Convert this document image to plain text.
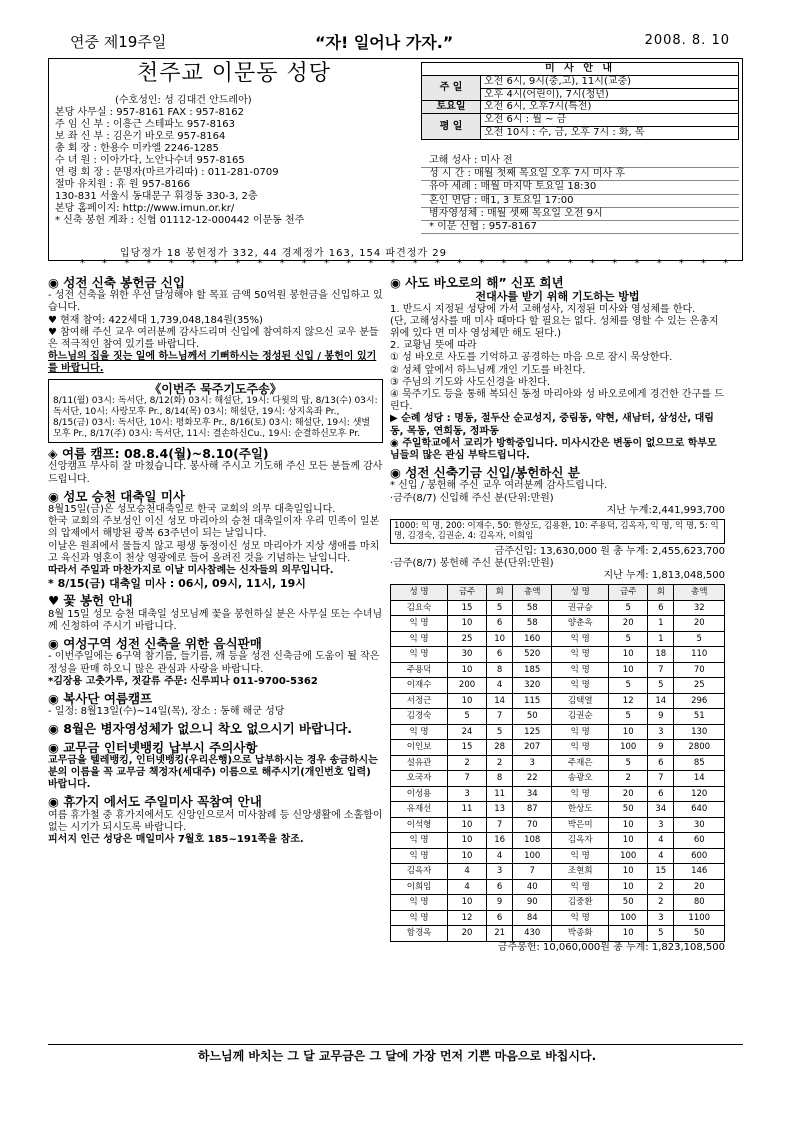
연중 제19주일	“자! 일어나 가자.”	2008. 8. 10
천주교 이문동 성당
(수호성인: 성 김대건 안드레아)
본당 사무실 : 957-8161 FAX : 957-8162
주 임 신 부 : 이흥근 스테파노 957-8163
보 좌 신 부 : 김은기 바오로 957-8164
총 회 장 : 한용수 미카엘 2246-1285
수 녀 원 : 이아가다, 노안나수녀 957-8165
연 령 회 장 : 문명자(마르가리따) : 011-281-0709
절마 유치원 : 휴 원 957-8166
130-831 서울시 동대문구 휘경동 330-3, 2층
본당 홈페이지: http://www.imun.or.kr/
* 신축 봉헌 계좌 : 신협 01112-12-000442 이문동 천주
미 사 안 내	
주 일	오전 6시, 9시(중,고), 11시(교중)
	오후 4시(어린이), 7시(청년)
토요일	오전 6시, 오후7시(특전)
평 일	오전 6시 : 월 ~ 금
	오전 10시 : 수, 금, 오후 7시 : 화, 목
고해 성사 : 미사 전
성 시 간 : 매월 첫째 목요일 오후 7시 미사 후
유아 세례 : 매월 마지막 토요일 18:30
혼인 면담 : 매1, 3 토요일 17:00
병자영성체 : 매월 셋째 목요일 오전 9시
* 이문 신협 : 957-8167
입당정가 18 봉헌정가 332, 44 경제정가 163, 154 파견정가 29
* * * * * * * * * * * * * * * * * * * * * * * * * * * * * *
◉ 성전 신축 봉헌금 신입
- 성전 신축을 위한 우선 달성해야 할 목표 금액 50억원 봉헌금을 신입하고 있습니다.
♥ 현재 참여: 422세대 1,739,048,184원(35%)
♥ 참여해 주신 교우 여러분께 감사드리며 신입에 참여하지 않으신 교우 분들은 적극적인 참여 있기를 바랍니다.
하느님의 집을 짓는 일에 하느님께서 기뻐하시는 정성된 신입 / 봉헌이 있기를 바랍니다.
《이번주 묵주기도주송》
8/11(월) 03시: 독서단, 8/12(화) 03시: 해설단, 19시: 다윗의 탑, 8/13(수) 03시: 독서단, 10시: 사랑모후 Pr., 8/14(목) 03시: 해설단, 19시: 상지옥좌 Pr., 8/15(금) 03시: 독서단, 10시: 평화모후 Pr., 8/16(토) 03시: 해설단, 19시: 샛별모후 Pr., 8/17(주) 03시: 독서단, 11시: 결손하신Cu., 19시: 순결하신모후 Pr.
◈ 여름 캠프: 08.8.4(월)~8.10(주일)
신앙캠프 무사히 잘 마쳤습니다. 봉사해 주시고 기도해 주신 모든 분들께 감사드립니다.
◉ 성모 승천 대축일 미사
8월15일(금)은 성모승천대축일로 한국 교회의 의무 대축일입니다.
한국 교회의 주보성인 이신 성모 마리아의 승천 대축일이자 우리 민족이 일본의 압제에서 해방된 광복 63주년이 되는 날입니다.
이날은 원죄에서 물들지 않고 평생 동정이신 성모 마리아가 지상 생애를 마치고 육신과 영혼이 천상 영광에로 들어 올려진 것을 기념하는 날입니다.
따라서 주일과 마찬가지로 이날 미사참례는 신자들의 의무입니다.
* 8/15(금) 대축일 미사 : 06시, 09시, 11시, 19시
♥ 꽃 봉헌 안내
8월 15일 성모 승천 대축일 성모님께 꽃을 봉헌하실 분은 사무실 또는 수녀님께 신청하여 주시기 바랍니다.
◉ 여성구역 성전 신축을 위한 음식판매
- 이번주일에는 6구역 참기름, 들기름, 깨 등을 성전 신축금에 도움이 될 작은 정성을 판매 하오니 많은 관심과 사랑을 바랍니다.
*김장용 고춧가루, 젓갈류 주문: 신루피나 011-9700-5362
◉ 복사단 여름캠프
- 일정: 8월13일(수)~14일(목), 장소 : 동해 해군 성당
◉ 8월은 병자영성체가 없으니 착오 없으시기 바랍니다.
◉ 교무금 인터넷뱅킹 납부시 주의사항
교무금을 텔레뱅킹, 인터넷뱅킹(우리은행)으로 납부하시는 경우 송금하시는 분의 이름을 꼭 교무금 책정자(세대주) 이름으로 해주시기(개인번호 입력) 바랍니다.
◉ 휴가지 에서도 주일미사 꼭참여 안내
여름 휴가철 중 휴가지에서도 신앙인으로서 미사참례 등 신앙생활에 소홀함이 없는 시기가 되시도록 바랍니다.
피서지 인근 성당은 매일미사 7월호 185~191쪽을 참조.
◉ 사도 바오로의 해” 신포 희년
전대사를 받기 위해 기도하는 방법
1. 반드시 지정된 성당에 가서 고해성사, 지정된 미사와 영성체를 한다.
(단, 고해성사를 매 미사 때마다 할 필요는 없다. 성체를 영할 수 있는 은총지위에 있다 면 미사 영성체만 해도 된다.)
2. 교황님 뜻에 따라
① 성 바오로 사도를 기억하고 공경하는 마음 으로 잠시 묵상한다.
② 성체 앞에서 하느님께 개인 기도를 바친다.
③ 주님의 기도와 사도신경을 바친다.
④ 묵주기도 등을 통해 복되신 동정 마리아와 성 바오로에게 경건한 간구를 드린다.
▶ 순례 성당 : 명동, 절두산 순교성지, 중림동, 약현, 새남터, 삼성산, 대림동, 목동, 연희동, 정파동
◉ 주일학교에서 교리가 방학중입니다. 미사시간은 변동이 없으므로 학부모님들의 많은 관심 부탁드립니다.
◉ 성전 신축기금 신입/봉헌하신 분
* 신입 / 봉헌해 주신 교우 여러분께 감사드립니다.
·금주(8/7) 신입해 주신 분(단위:만원)
지난 누계:2,441,993,700
1000: 익 명, 200: 이재수, 50: 한상도, 김용환, 10: 주용덕, 김옥자, 익 명, 익 명, 5: 익 명, 김경숙, 김권순, 4: 김옥자, 이희임
금주신입: 13,630,000 원 총 누계: 2,455,623,700
·금주(8/7) 봉헌해 주신 분(단위:만원)
지난 누계: 1,813,048,500
성 명	금주	회	총액	성 명	금주	회	총액
김요숙	15	5	58	권규승	5	6	32
익 명	10	6	58	양춘옥	20	1	20
익 명	25	10	160	익 명	5	1	5
익 명	30	6	520	익 명	10	18	110
주용덕	10	8	185	익 명	10	7	70
이재수	200	4	320	익 명	5	5	25
서정근	10	14	115	김택열	12	14	296
김경숙	5	7	50	김권순	5	9	51
익 명	24	5	125	익 명	10	3	130
이인보	15	28	207	익 명	100	9	2800
설유관	2	2	3	주재은	5	6	85
오국자	7	8	22	송광오	2	7	14
이성용	3	11	34	익 명	20	6	120
유재선	11	13	87	한상도	50	34	640
이석형	10	7	70	박은미	10	3	30
익 명	10	16	108	김옥자	10	4	60
익 명	10	4	100	익 명	100	4	600
김옥자	4	3	7	조현희	10	15	146
이희임	4	6	40	익 명	10	2	20
익 명	10	9	90	김중환	50	2	80
익 명	12	6	84	익 명	100	3	1100
함경옥	20	21	430	박종화	10	5	50
금주봉헌: 10,060,000원 총 누계: 1,823,108,500
하느님께 바치는 그 달 교무금은 그 달에 가장 먼저 기쁜 마음으로 바칩시다.
